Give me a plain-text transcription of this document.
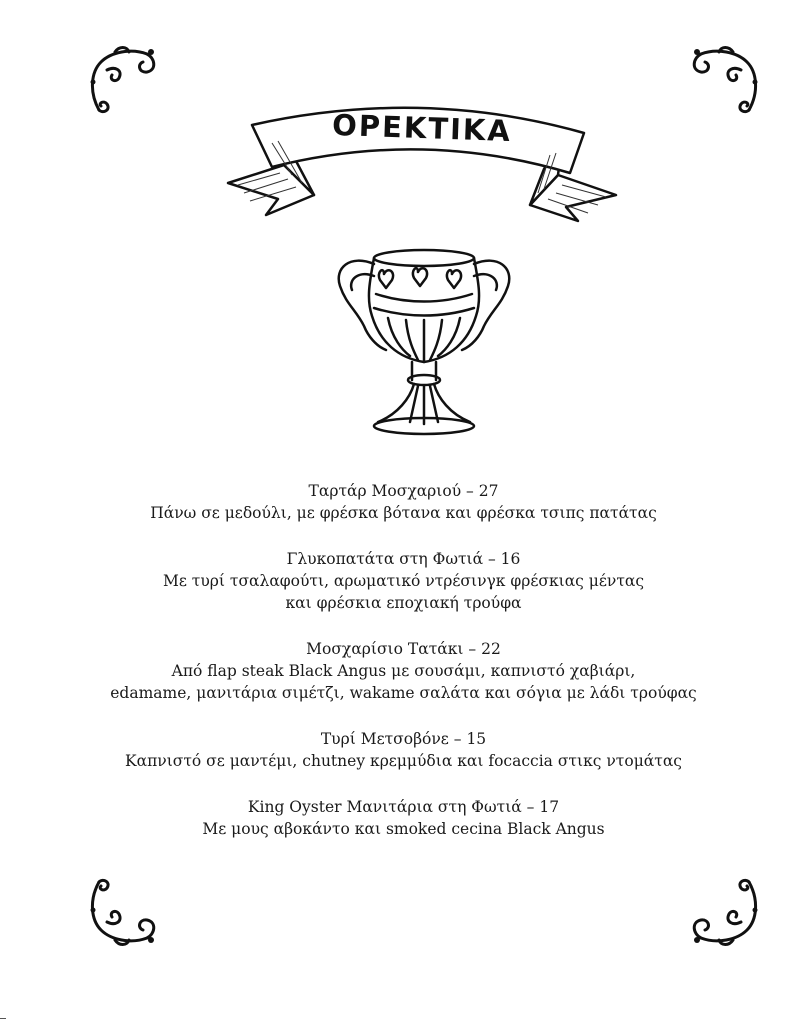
ΟΡΕΚΤΙΚΑ
Ταρτάρ Μοσχαριού – 27
Πάνω σε μεδούλι, με φρέσκα βότανα και φρέσκα τσιπς πατάτας
Γλυκοπατάτα στη Φωτιά – 16
Με τυρί τσαλαφούτι, αρωματικό ντρέσινγκ φρέσκιας μέντας
και φρέσκια εποχιακή τρούφα
Μοσχαρίσιο Τατάκι – 22
Από flap steak Black Angus με σουσάμι, καπνιστό χαβιάρι,
edamame, μανιτάρια σιμέτζι, wakame σαλάτα και σόγια με λάδι τρούφας
Τυρί Μετσοβόνε – 15
Καπνιστό σε μαντέμι, chutney κρεμμύδια και focaccia στικς ντομάτας
King Oyster Μανιτάρια στη Φωτιά – 17
Με μους αβοκάντο και smoked cecina Black Angus
